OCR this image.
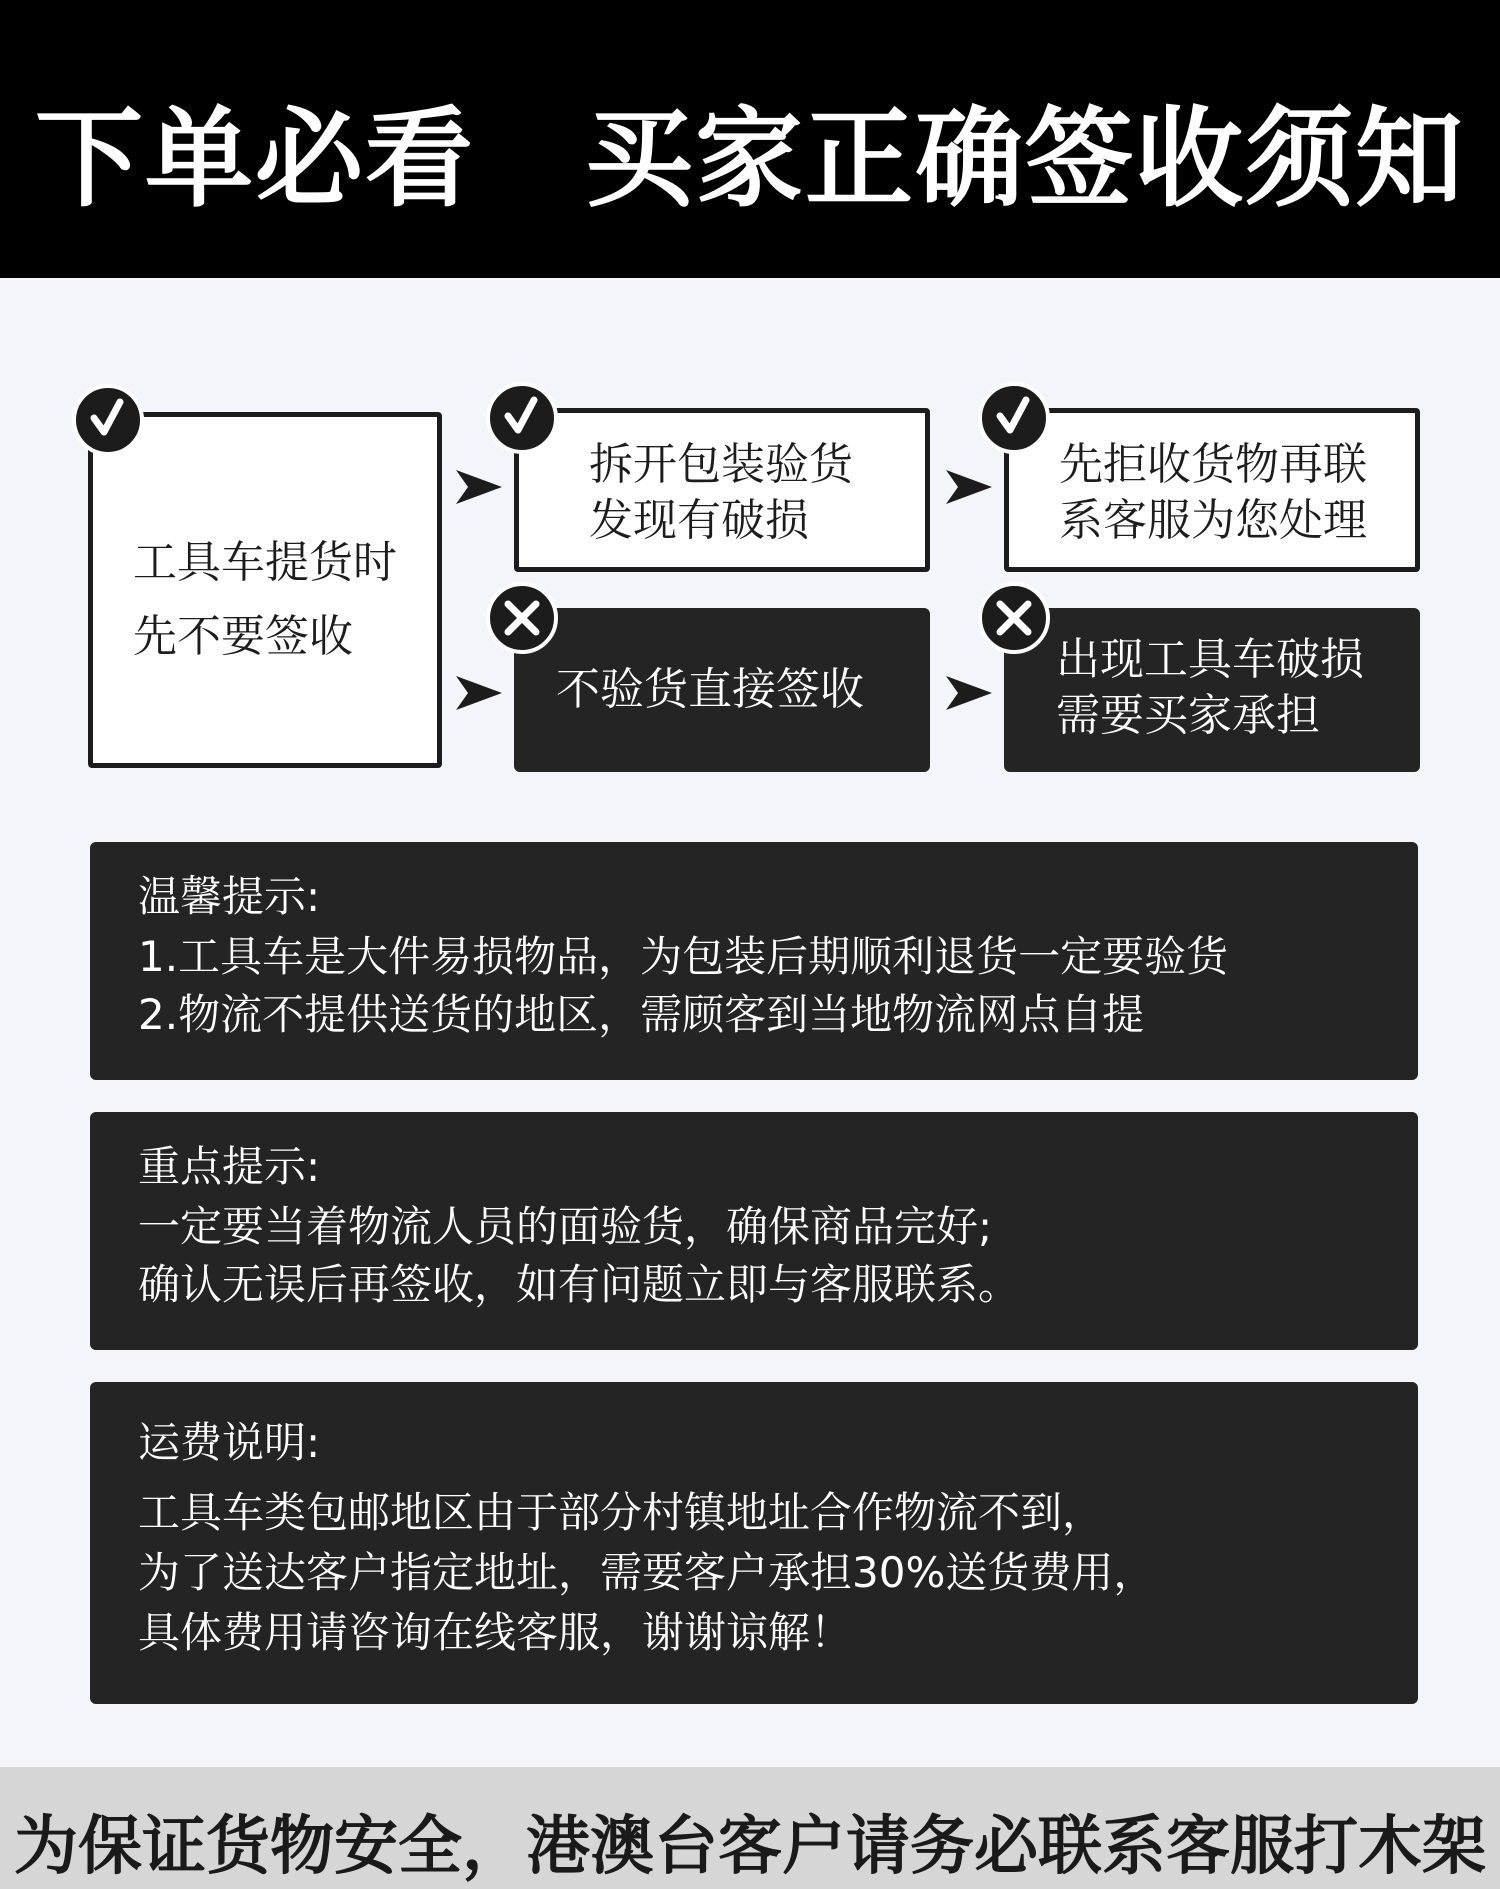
下单必看　买家正确签收须知
工具车提货时
先不要签收
拆开包装验货
发现有破损
先拒收货物再联
系客服为您处理
不验货直接签收
出现工具车破损
需要买家承担
温馨提示:
1.工具车是大件易损物品，为包装后期顺利退货一定要验货
2.物流不提供送货的地区，需顾客到当地物流网点自提
重点提示:
一定要当着物流人员的面验货，确保商品完好;
确认无误后再签收，如有问题立即与客服联系。
运费说明:
工具车类包邮地区由于部分村镇地址合作物流不到，
为了送达客户指定地址，需要客户承担30%送货费用，
具体费用请咨询在线客服，谢谢谅解！
为保证货物安全，港澳台客户请务必联系客服打木架
